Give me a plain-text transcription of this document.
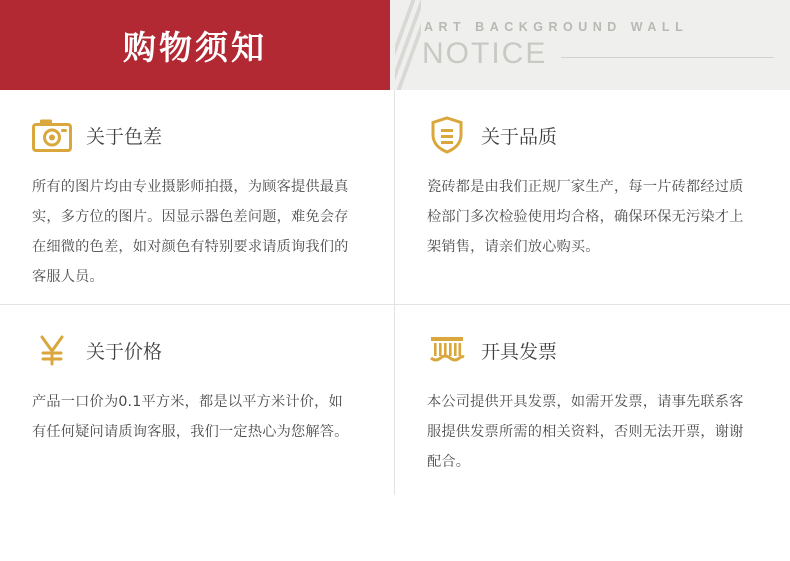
购物须知
ART BACKGROUND WALL
NOTICE
关于色差
所有的图片均由专业摄影师拍摄，为顾客提供最真实，多方位的图片。因显示器色差问题，难免会存在细微的色差，如对颜色有特别要求请质询我们的客服人员。
关于品质
瓷砖都是由我们正规厂家生产，每一片砖都经过质检部门多次检验使用均合格，确保环保无污染才上架销售，请亲们放心购买。
关于价格
产品一口价为0.1平方米，都是以平方米计价，如有任何疑问请质询客服，我们一定热心为您解答。
开具发票
本公司提供开具发票，如需开发票，请事先联系客服提供发票所需的相关资料，否则无法开票，谢谢配合。
